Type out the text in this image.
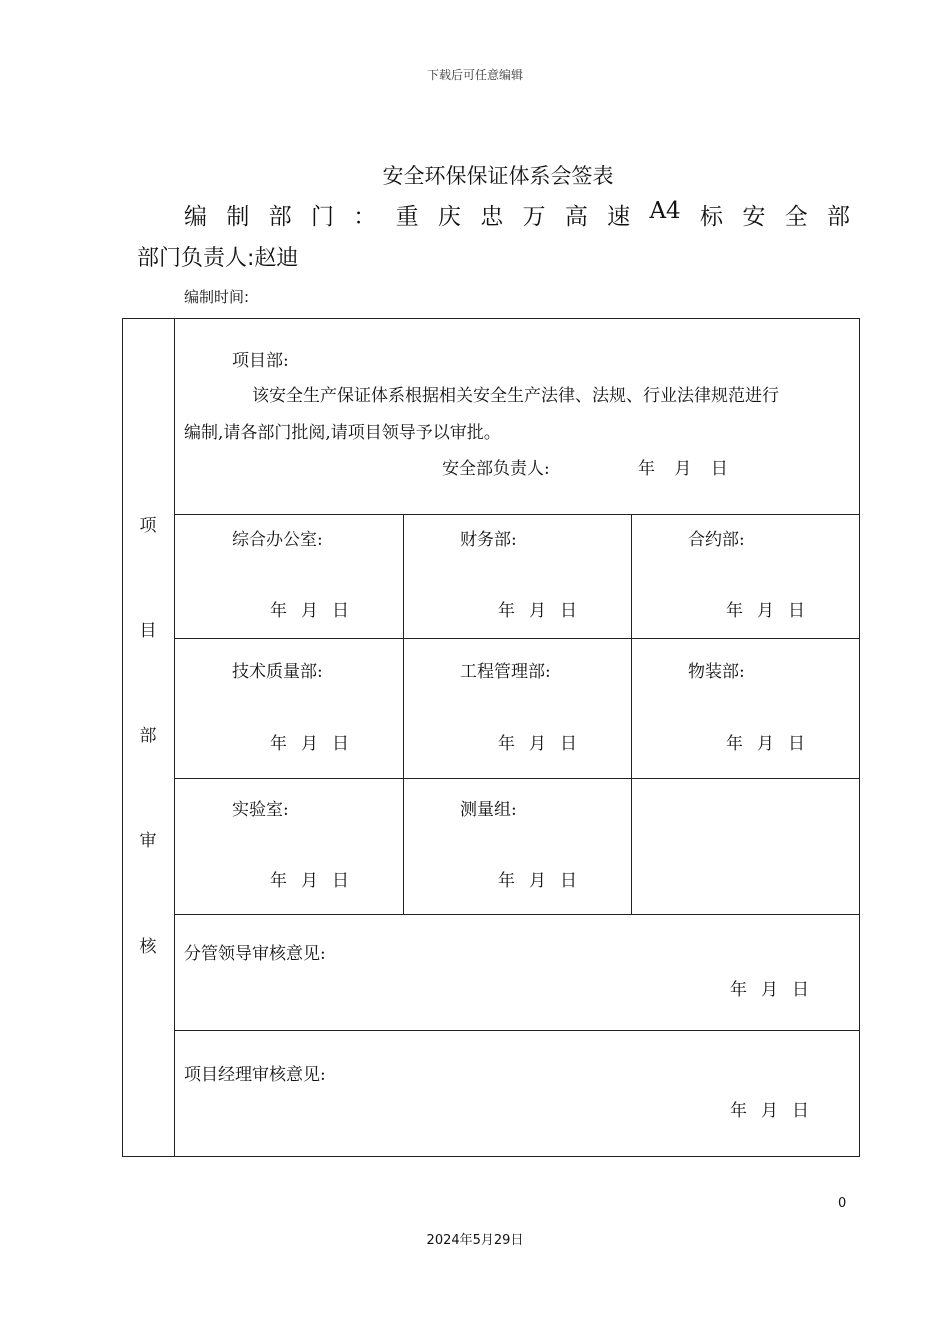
下载后可任意编辑
安全环保保证体系会签表
编 制 部 门 ： 重 庆 忠 万 高 速 A4 标 安 全 部
部门负责人:赵迪
编制时间:
项
目
部
审
核
项目部:
该安全生产保证体系根据相关安全生产法律、法规、行业法律规范进行
编制,请各部门批阅,请项目领导予以审批。
安全部负责人:	年 月 日
综合办公室:
年 月 日
财务部:
年 月 日
合约部:
年 月 日
技术质量部:
年 月 日
工程管理部:
年 月 日
物装部:
年 月 日
实验室:
年 月 日
测量组:
年 月 日
分管领导审核意见:
年 月 日
项目经理审核意见:
年 月 日
0
2024年5月29日
